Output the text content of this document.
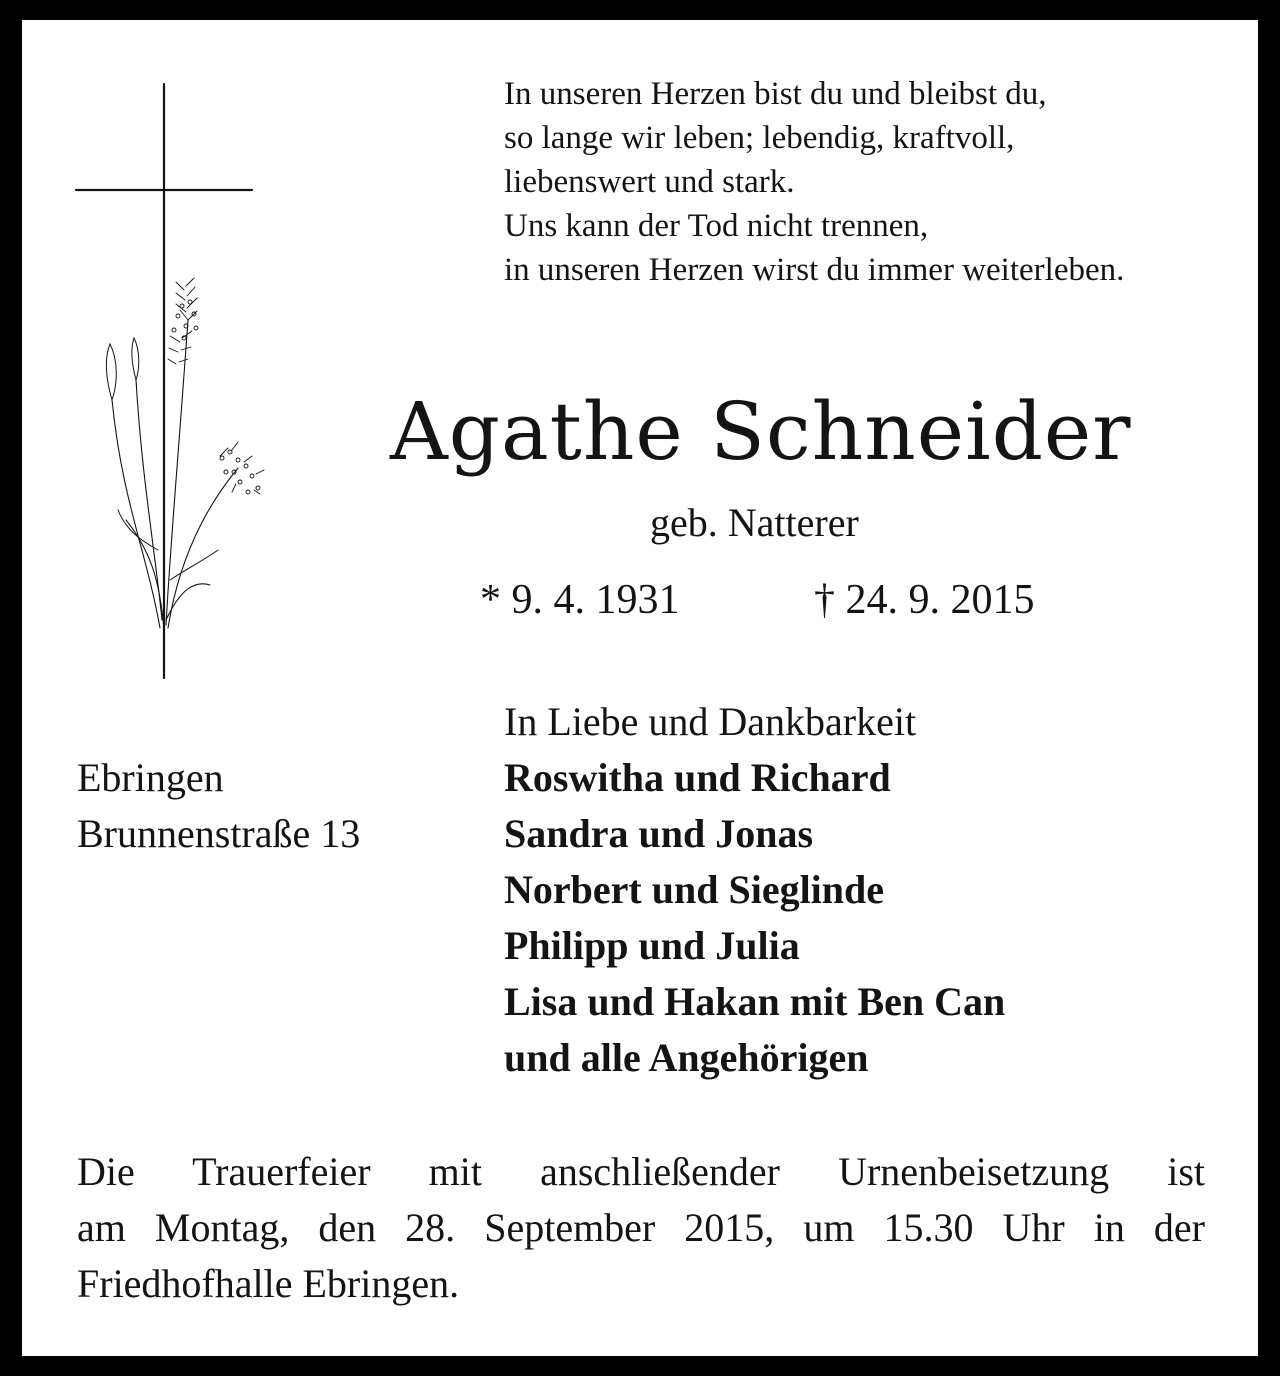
In unseren Herzen bist du und bleibst du,
so lange wir leben; lebendig, kraftvoll,
liebenswert und stark.
Uns kann der Tod nicht trennen,
in unseren Herzen wirst du immer weiterleben.
Agathe Schneider
geb. Natterer
* 9. 4. 1931	† 24. 9. 2015
Ebringen
Brunnenstraße 13
In Liebe und Dankbarkeit
Roswitha und Richard
Sandra und Jonas
Norbert und Sieglinde
Philipp und Julia
Lisa und Hakan mit Ben Can
und alle Angehörigen
Die Trauerfeier mit anschließender Urnenbeisetzung ist
am Montag, den 28. September 2015, um 15.30 Uhr in der
Friedhofhalle Ebringen.
